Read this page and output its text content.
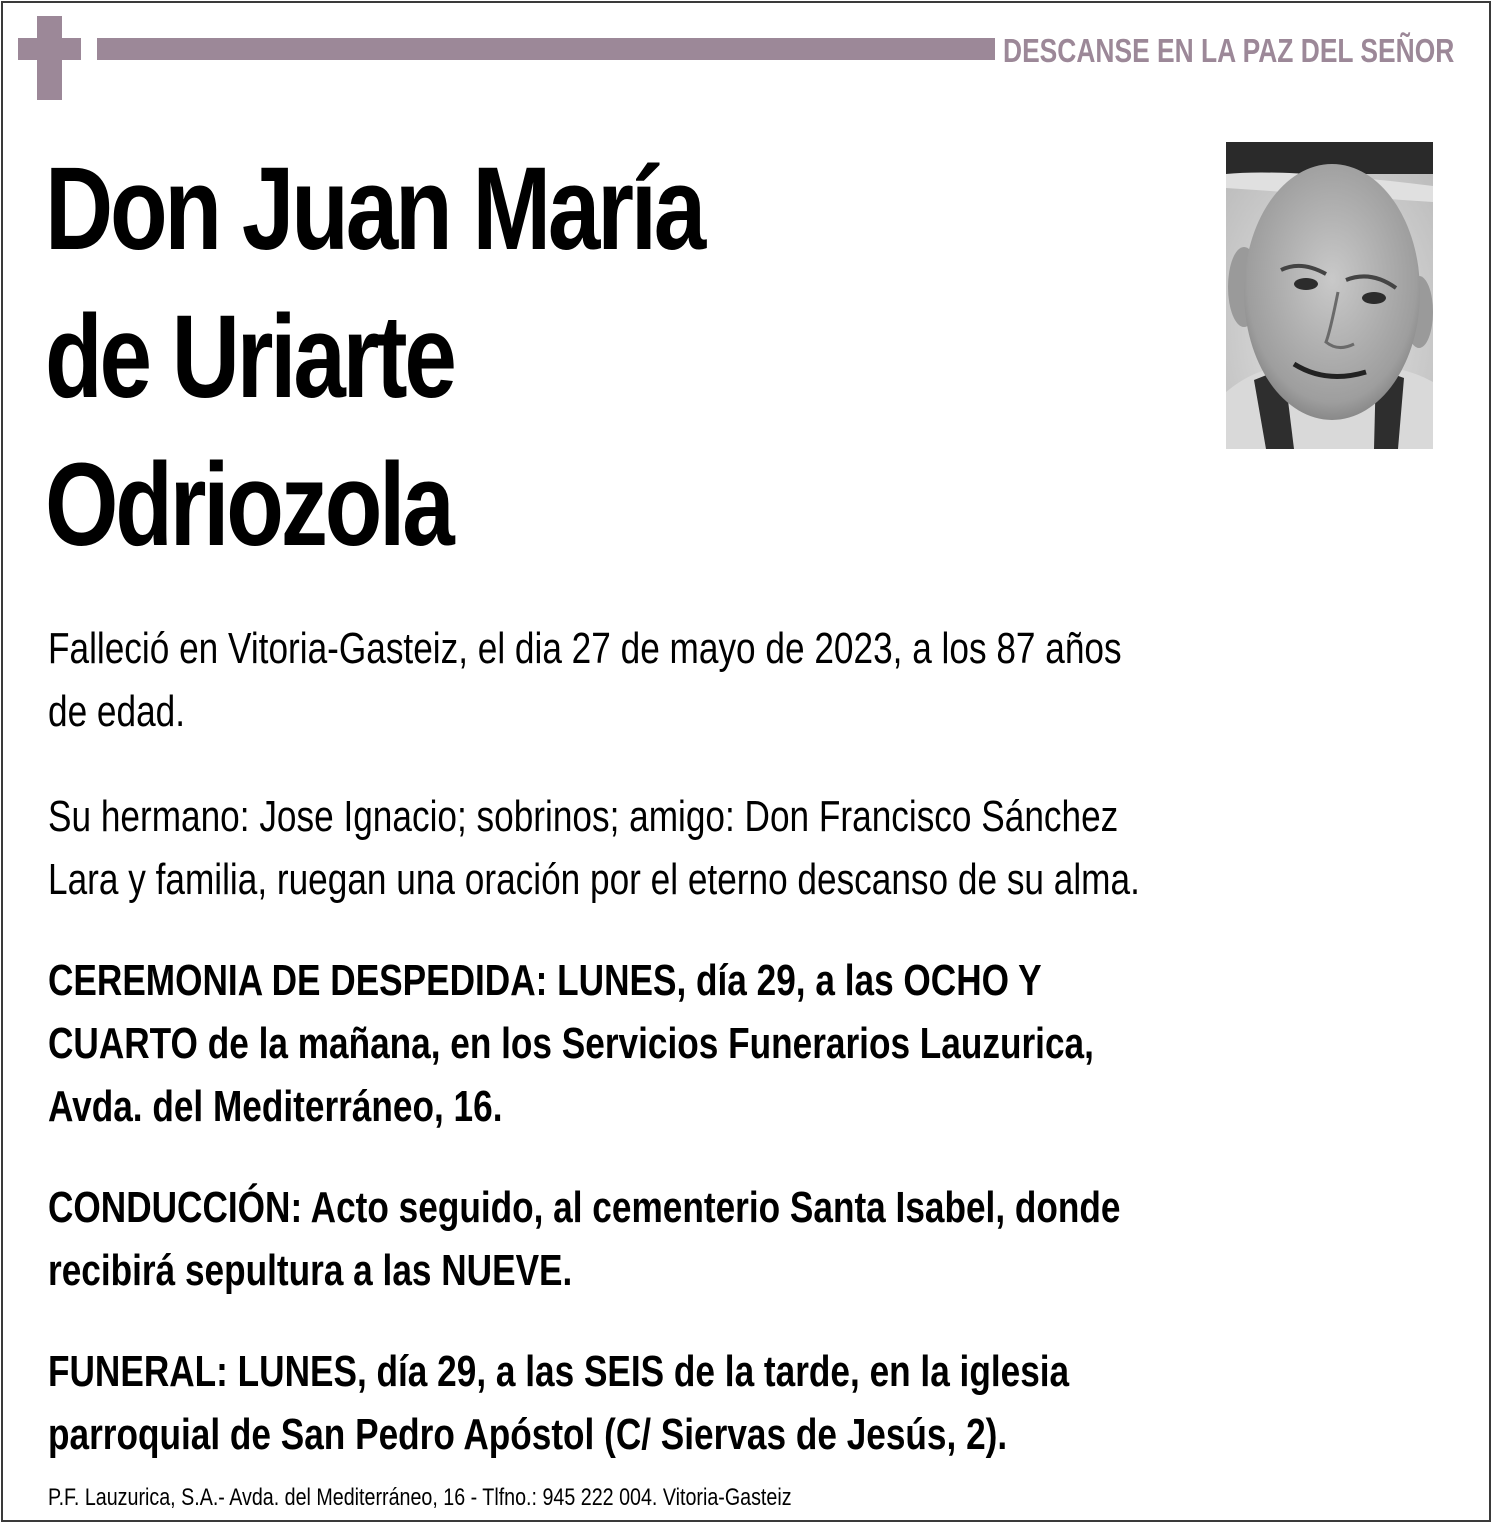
DESCANSE EN LA PAZ DEL SEÑOR
Don Juan María
de Uriarte
Odriozola
Falleció en Vitoria-Gasteiz, el dia 27 de mayo de 2023, a los 87 años
de edad.
Su hermano: Jose Ignacio; sobrinos; amigo: Don Francisco Sánchez
Lara y familia, ruegan una oración por el eterno descanso de su alma.
CEREMONIA DE DESPEDIDA: LUNES, día 29, a las OCHO Y
CUARTO de la mañana, en los Servicios Funerarios Lauzurica,
Avda. del Mediterráneo, 16.
CONDUCCIÓN: Acto seguido, al cementerio Santa Isabel, donde
recibirá sepultura a las NUEVE.
FUNERAL: LUNES, día 29, a las SEIS de la tarde, en la iglesia
parroquial de San Pedro Apóstol (C/ Siervas de Jesús, 2).
P.F. Lauzurica, S.A.- Avda. del Mediterráneo, 16 - Tlfno.: 945 222 004. Vitoria-Gasteiz
